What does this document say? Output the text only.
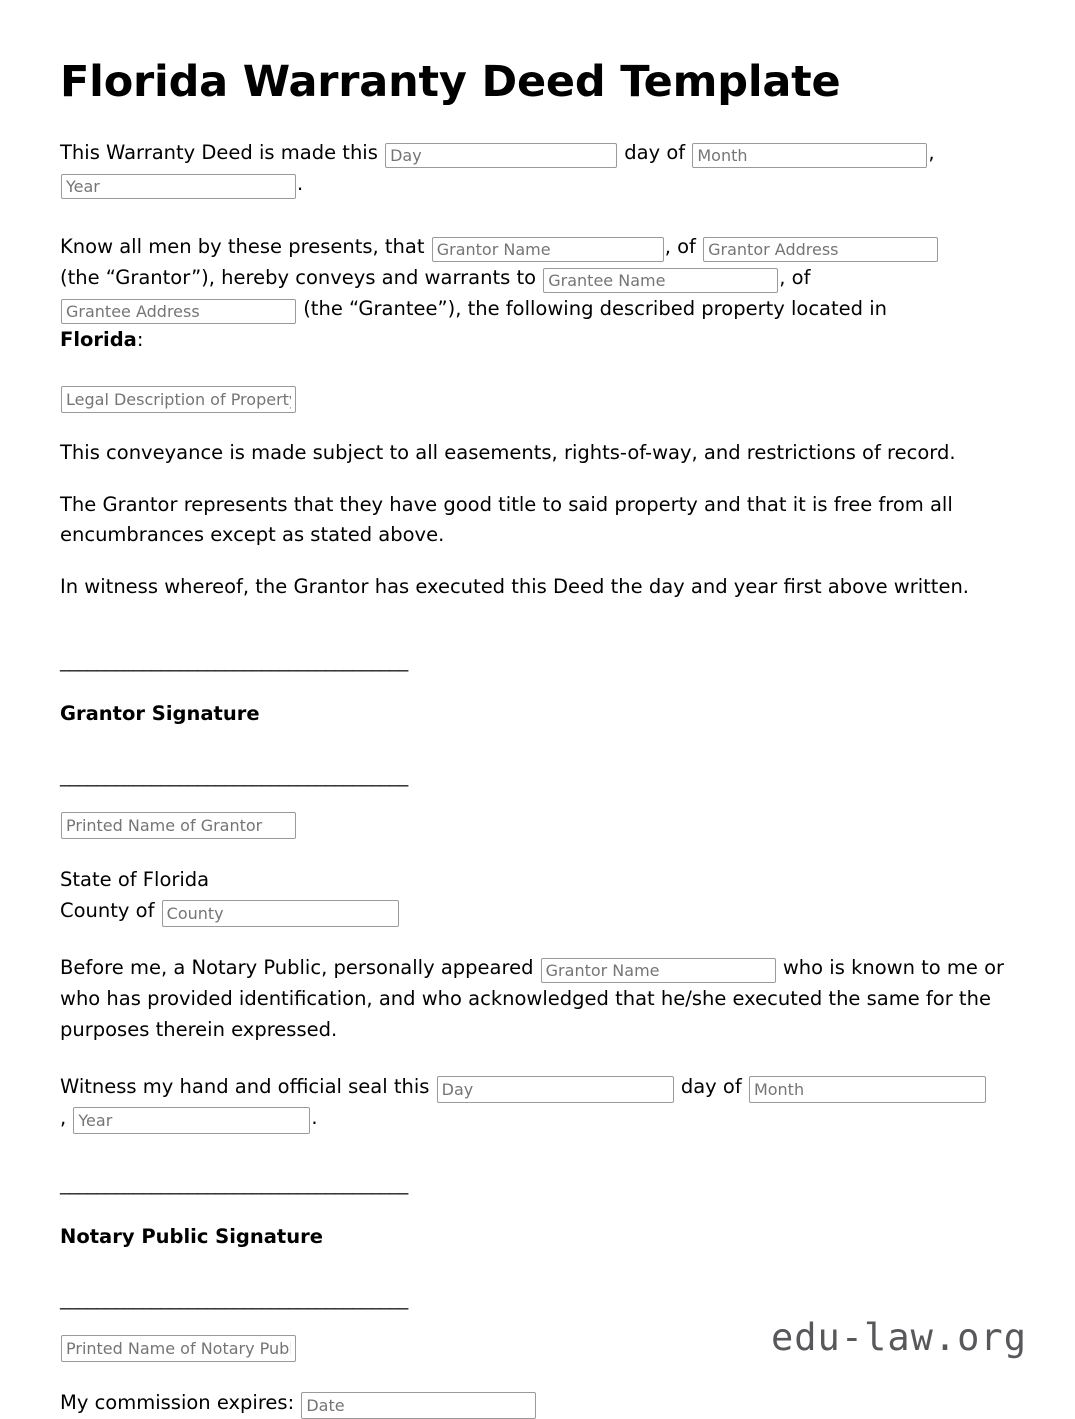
Florida Warranty Deed Template
This Warranty Deed is made this Day	day of Month	,
Year.
Know all men by these presents, that Grantor Name	, of Grantor Address
(the “Grantor”), hereby conveys and warrants to Grantee Name	, of
Grantee Address (the “Grantee”), the following described property located in
Florida:
Legal Description of Property

This conveyance is made subject to all easements, rights-of-way, and restrictions of record.

The Grantor represents that they have good title to said property and that it is free from all encumbrances except as stated above.

In witness whereof, the Grantor has executed this Deed the day and year first above written.

______________________________________
Grantor Signature
______________________________________
Printed Name of Grantor
State of Florida
County of County
Before me, a Notary Public, personally appeared Grantor Name	who is known to me or who has provided identification, and who acknowledged that he/she executed the same for the purposes therein expressed.
Witness my hand and official seal this Day	day of Month
, Year	.
______________________________________
Notary Public Signature
______________________________________
Printed Name of Notary Public
My commission expires: Date
edu-law.org
